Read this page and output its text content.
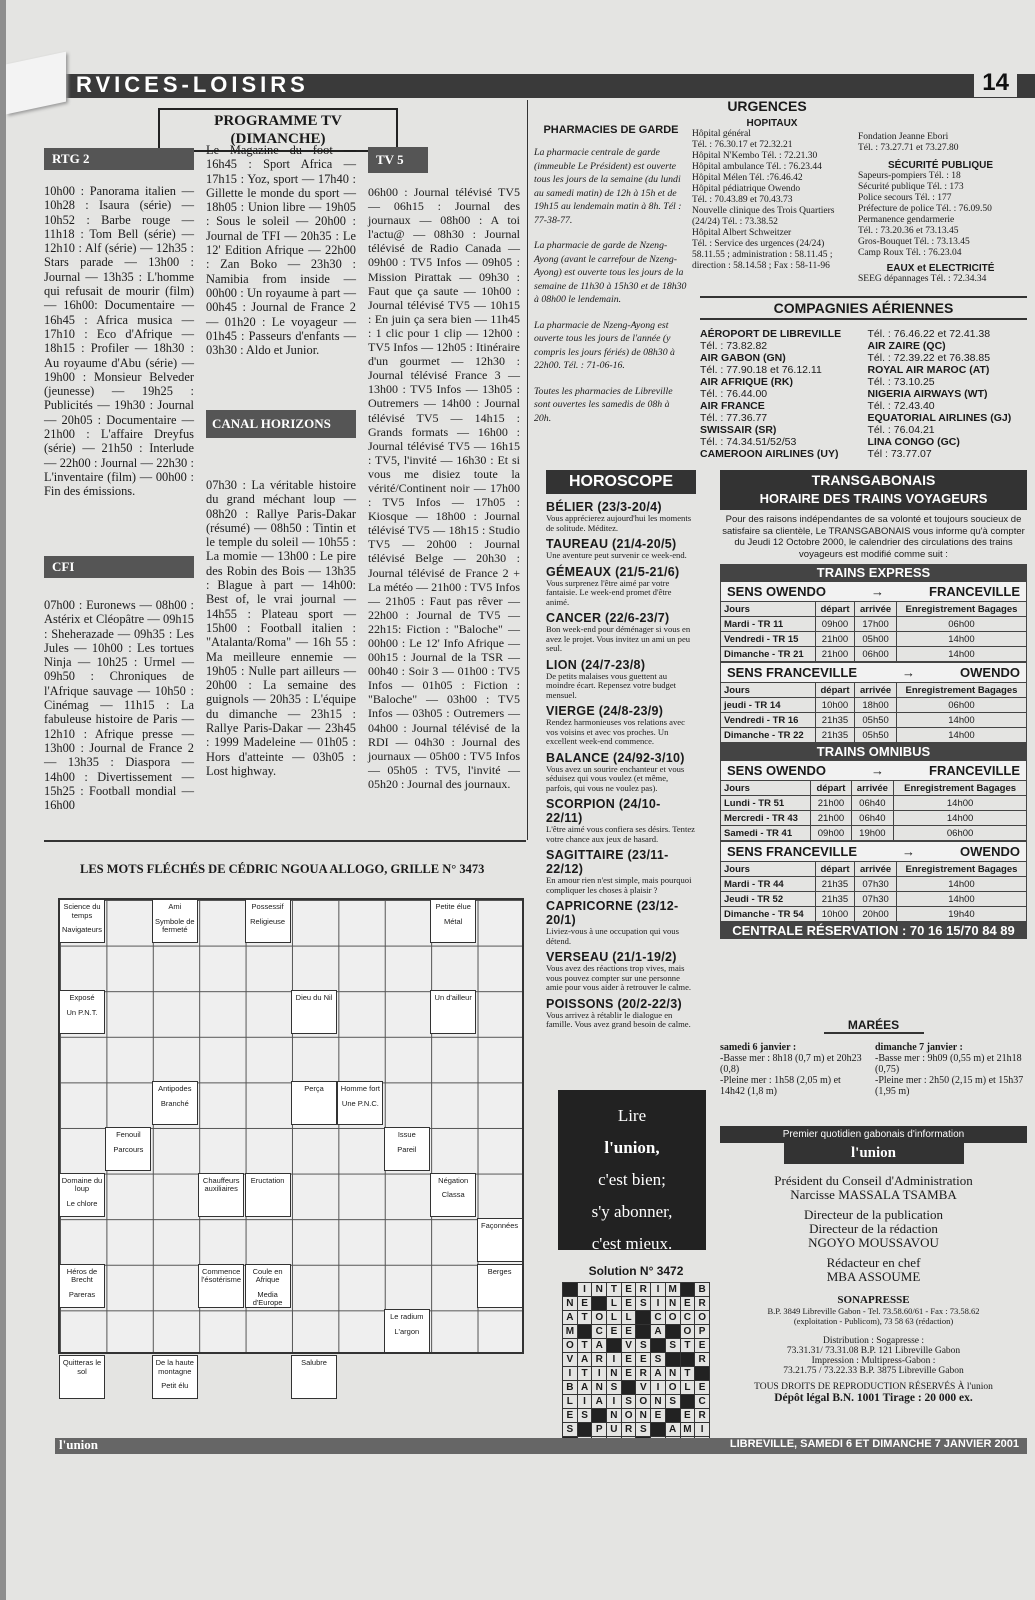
RVICES-LOISIRS	14
PROGRAMME TV (DIMANCHE)
RTG 2
10h00 : Panorama italien — 10h28 : Isaura (série) — 10h52 : Barbe rouge — 11h18 : Tom Bell (série) — 12h10 : Alf (série) — 12h35 : Stars parade — 13h00 : Journal — 13h35 : L'homme qui refusait de mourir (film) — 16h00: Documentaire — 16h45 : Africa musica — 17h10 : Eco d'Afrique — 18h15 : Profiler — 18h30 : Au royaume d'Abu (série) — 19h00 : Monsieur Belveder (jeunesse) — 19h25 : Publicités — 19h30 : Journal — 20h05 : Documentaire — 21h00 : L'affaire Dreyfus (série) — 21h50 : Interlude — 22h00 : Journal — 22h30 : L'inventaire (film) — 00h00 : Fin des émissions.
CFI
07h00 : Euronews — 08h00 : Astérix et Cléopâtre — 09h15 : Sheherazade — 09h35 : Les Jules — 10h00 : Les tortues Ninja — 10h25 : Urmel — 09h50 : Chroniques de l'Afrique sauvage — 10h50 : Cinémag — 11h15 : La fabuleuse histoire de Paris — 12h10 : Afrique presse — 13h00 : Journal de France 2 — 13h35 : Diaspora — 14h00 : Divertissement — 15h25 : Football mondial — 16h00
Le Magazine du foot — 16h45 : Sport Africa — 17h15 : Yoz, sport — 17h40 : Gillette le monde du sport — 18h05 : Union libre — 19h05 : Sous le soleil — 20h00 : Journal de TFI — 20h35 : Le 12' Edition Afrique — 22h00 : Zan Boko — 23h30 : Namibia from inside — 00h00 : Un royaume à part — 00h45 : Journal de France 2 — 01h20 : Le voyageur — 01h45 : Passeurs d'enfants — 03h30 : Aldo et Junior.
CANAL HORIZONS
07h30 : La véritable histoire du grand méchant loup — 08h20 : Rallye Paris-Dakar (résumé) — 08h50 : Tintin et le temple du soleil — 10h55 : La momie — 13h00 : Le pire des Robin des Bois — 13h35 : Blague à part — 14h00: Best of, le vrai journal — 14h55 : Plateau sport — 15h00 : Football italien : "Atalanta/Roma" — 16h 55 : Ma meilleure ennemie — 19h05 : Nulle part ailleurs — 20h00 : La semaine des guignols — 20h35 : L'équipe du dimanche — 23h15 : Rallye Paris-Dakar — 23h45 : 1999 Madeleine — 01h05 : Hors d'atteinte — 03h05 : Lost highway.
TV 5
06h00 : Journal télévisé TV5 — 06h15 : Journal des journaux — 08h00 : A toi l'actu@ — 08h30 : Journal télévisé de Radio Canada — 09h00 : TV5 Infos — 09h05 : Mission Pirattak — 09h30 : Faut que ça saute — 10h00 : Journal télévisé TV5 — 10h15 : En juin ça sera bien — 11h45 : 1 clic pour 1 clip — 12h00 : TV5 Infos — 12h05 : Itinéraire d'un gourmet — 12h30 : Journal télévisé France 3 — 13h00 : TV5 Infos — 13h05 : Outremers — 14h00 : Journal télévisé TV5 — 14h15 : Grands formats — 16h00 : Journal télévisé TV5 — 16h15 : TV5, l'invité — 16h30 : Et si vous me disiez toute la vérité/Continent noir — 17h00 : TV5 Infos — 17h05 : Kiosque — 18h00 : Journal télévisé TV5 — 18h15 : Studio TV5 — 20h00 : Journal télévisé Belge — 20h30 : Journal télévisé de France 2 + La météo — 21h00 : TV5 Infos — 21h05 : Faut pas rêver — 22h00 : Journal de TV5 — 22h15: Fiction : "Baloche" — 00h00 : Le 12' Info Afrique — 00h15 : Journal de la TSR — 00h40 : Soir 3 — 01h00 : TV5 Infos — 01h05 : Fiction : "Baloche" — 03h00 : TV5 Infos — 03h05 : Outremers — 04h00 : Journal télévisé de la RDI — 04h30 : Journal des journaux — 05h00 : TV5 Infos — 05h05 : TV5, l'invité — 05h20 : Journal des journaux.
PHARMACIES DE GARDE

La pharmacie centrale de garde (immeuble Le Président) est ouverte tous les jours de la semaine (du lundi au samedi matin) de 12h à 15h et de 19h15 au lendemain matin à 8h. Tél : 77-38-77.

La pharmacie de garde de Nzeng-Ayong (avant le carrefour de Nzeng-Ayong) est ouverte tous les jours de la semaine de 11h30 à 15h30 et de 18h30 à 08h00 le lendemain.

La pharmacie de Nzeng-Ayong est ouverte tous les jours de l'année (y compris les jours fériés) de 08h30 à 22h00. Tél. : 71-06-16.

Toutes les pharmacies de Libreville sont ouvertes les samedis de 08h à 20h.

URGENCES
HOPITAUX
Hôpital général
Tél. : 76.30.17 et 72.32.21
Hôpital N'Kembo Tél. : 72.21.30
Hôpital ambulance Tél. : 76.23.44
Hôpital Mélen Tél. :76.46.42
Hôpital pédiatrique Owendo
Tél. : 70.43.89 et 70.43.73
Nouvelle clinique des Trois Quartiers
(24/24) Tél. : 73.38.52
Hôpital Albert Schweitzer
Tél. : Service des urgences (24/24) 58.11.55 ; administration : 58.11.45 ; direction : 58.14.58 ; Fax : 58-11-96
Fondation Jeanne Ebori
Tél. : 73.27.71 et 73.27.80
SÉCURITÉ PUBLIQUE
Sapeurs-pompiers Tél. : 18
Sécurité publique Tél. : 173
Police secours Tél. : 177
Préfecture de police Tél. : 76.09.50
Permanence gendarmerie
Tél. : 73.20.36 et 73.13.45
Gros-Bouquet Tél. : 73.13.45
Camp Roux Tél. : 76.23.04
EAUX et ELECTRICITÉ
SEEG dépannages Tél. : 72.34.34
COMPAGNIES AÉRIENNES
AÉROPORT DE LIBREVILLE
Tél. : 73.82.82
AIR GABON (GN)
Tél. : 77.90.18 et 76.12.11
AIR AFRIQUE (RK)
Tél. : 76.44.00
AIR FRANCE
Tél. : 77.36.77
SWISSAIR (SR)
Tél. : 74.34.51/52/53
CAMEROON AIRLINES (UY)
Tél. : 76.46.22 et 72.41.38
AIR ZAIRE (QC)
Tél. : 72.39.22 et 76.38.85
ROYAL AIR MAROC (AT)
Tél. : 73.10.25
NIGERIA AIRWAYS (WT)
Tél. : 72.43.40
EQUATORIAL AIRLINES (GJ)
Tél. : 76.04.21
LINA CONGO (GC)
Tél : 73.77.07
HOROSCOPE
BÉLIER (23/3-20/4)
Vous apprécierez aujourd'hui les moments de solitude. Méditez.
TAUREAU (21/4-20/5)
Une aventure peut survenir ce week-end.
GÉMEAUX (21/5-21/6)
Vous surprenez l'être aimé par votre fantaisie. Le week-end promet d'être animé.
CANCER (22/6-23/7)
Bon week-end pour déménager si vous en avez le projet. Vous invitez un ami un peu seul.
LION (24/7-23/8)
De petits malaises vous guettent au moindre écart. Repensez votre budget mensuel.
VIERGE (24/8-23/9)
Rendez harmonieuses vos relations avec vos voisins et avec vos proches. Un excellent week-end commence.
BALANCE (24/92-3/10)
Vous avez un sourire enchanteur et vous séduisez qui vous voulez (et même, parfois, qui vous ne voulez pas).
SCORPION (24/10-22/11)
L'être aimé vous confiera ses désirs. Tentez votre chance aux jeux de hasard.
SAGITTAIRE (23/11-22/12)
En amour rien n'est simple, mais pourquoi compliquer les choses à plaisir ?
CAPRICORNE (23/12-20/1)
Liviez-vous à une occupation qui vous détend.
VERSEAU (21/1-19/2)
Vous avez des réactions trop vives, mais vous pouvez compter sur une personne amie pour vous aider à retrouver le calme.
POISSONS (20/2-22/3)
Vous arrivez à rétablir le dialogue en famille. Vous avez grand besoin de calme.
TRANSGABONAIS
HORAIRE DES TRAINS VOYAGEURS
Pour des raisons indépendantes de sa volonté et toujours soucieux de satisfaire sa clientèle, Le TRANSGABONAIS vous informe qu'à compter du Jeudi 12 Octobre 2000, le calendrier des circulations des trains voyageurs est modifié comme suit :
TRAINS EXPRESS
SENS OWENDO	→	FRANCEVILLE
Jours	départ	arrivée	Enregistrement Bagages
Mardi - TR 11	09h00	17h00	06h00
Vendredi - TR 15	21h00	05h00	14h00
Dimanche - TR 21	21h00	06h00	14h00
SENS FRANCEVILLE	→	OWENDO
Jours	départ	arrivée	Enregistrement Bagages
jeudi - TR 14	10h00	18h00	06h00
Vendredi - TR 16	21h35	05h50	14h00
Dimanche - TR 22	21h35	05h50	14h00
TRAINS OMNIBUS
SENS OWENDO	→	FRANCEVILLE
Jours	départ	arrivée	Enregistrement Bagages
Lundi - TR 51	21h00	06h40	14h00
Mercredi - TR 43	21h00	06h40	14h00
Samedi - TR 41	09h00	19h00	06h00
SENS FRANCEVILLE	→	OWENDO
Jours	départ	arrivée	Enregistrement Bagages
Mardi - TR 44	21h35	07h30	14h00
Jeudi - TR 52	21h35	07h30	14h00
Dimanche - TR 54	10h00	20h00	19h40
CENTRALE RÉSERVATION : 70 16 15/70 84 89
MARÉES
samedi 6 janvier :
-Basse mer : 8h18 (0,7 m) et 20h23 (0,8)
-Pleine mer : 1h58 (2,05 m) et 14h42 (1,8 m)
dimanche 7 janvier :
-Basse mer : 9h09 (0,55 m) et 21h18 (0,75)
-Pleine mer : 2h50 (2,15 m) et 15h37 (1,95 m)
Lire
l'union,
c'est bien;
s'y abonner,
c'est mieux.
Solution N° 3472
	I	N	T	E	R	I	M		B
N	E		L	E	S	I	N	E	R
A	T	O	L	L		C	O	C	O
M		C	E	E		A		O	P
O	T	A		V	S		S	T	E
V	A	R	I	E	E	S			R
I	T	I	N	E	R	A	N	T	
B	A	N	S		V	I	O	L	E
L	I	A	I	S	O	N	S		C
E	S		N	O	N	E		E	R
S		P	U	R	S		A	M	I

Premier quotidien gabonais d'information
l'union
Président du Conseil d'Administration
Narcisse MASSALA TSAMBA
Directeur de la publication
Directeur de la rédaction
NGOYO MOUSSAVOU
Rédacteur en chef
MBA ASSOUME
SONAPRESSE
B.P. 3849 Libreville Gabon - Tel. 73.58.60/61 - Fax : 73.58.62
(exploitation - Publicom), 73 58 63 (rédaction)
Distribution : Sogapresse :
73.31.31/ 73.31.08 B.P. 121 Libreville Gabon
Impression : Multipress-Gabon :
73.21.75 / 73.22.33 B.P. 3875 Libreville Gabon
TOUS DROITS DE REPRODUCTION RÉSERVÉS À l'union
Dépôt légal B.N. 1001 Tirage : 20 000 ex.
LES MOTS FLÉCHÉS DE CÉDRIC NGOUA ALLOGO, GRILLE N° 3473
Science du temps
Navigateurs
Ami
Symbole de fermeté
Possessif
Religieuse
Petite élue
Métal
Exposé
Un P.N.T.
Dieu du Nil	Un d'ailleur
Antipodes
Branché
Homme fort
Une P.N.C.
Perça
Fenouil
Parcours
Issue
Pareil
Domaine du loup
Le chlore
Chauffeurs auxiliaires
Eructation	Négation
Classa
Façonnées
Héros de Brecht
Pareras
Commence l'ésotérisme
Coule en Afrique
Media d'Europe
Berges
Le radium
L'argon
Quitteras le sol
De la haute montagne
Petit élu
Salubre
l'union	LIBREVILLE, SAMEDI 6 ET DIMANCHE 7 JANVIER 2001
